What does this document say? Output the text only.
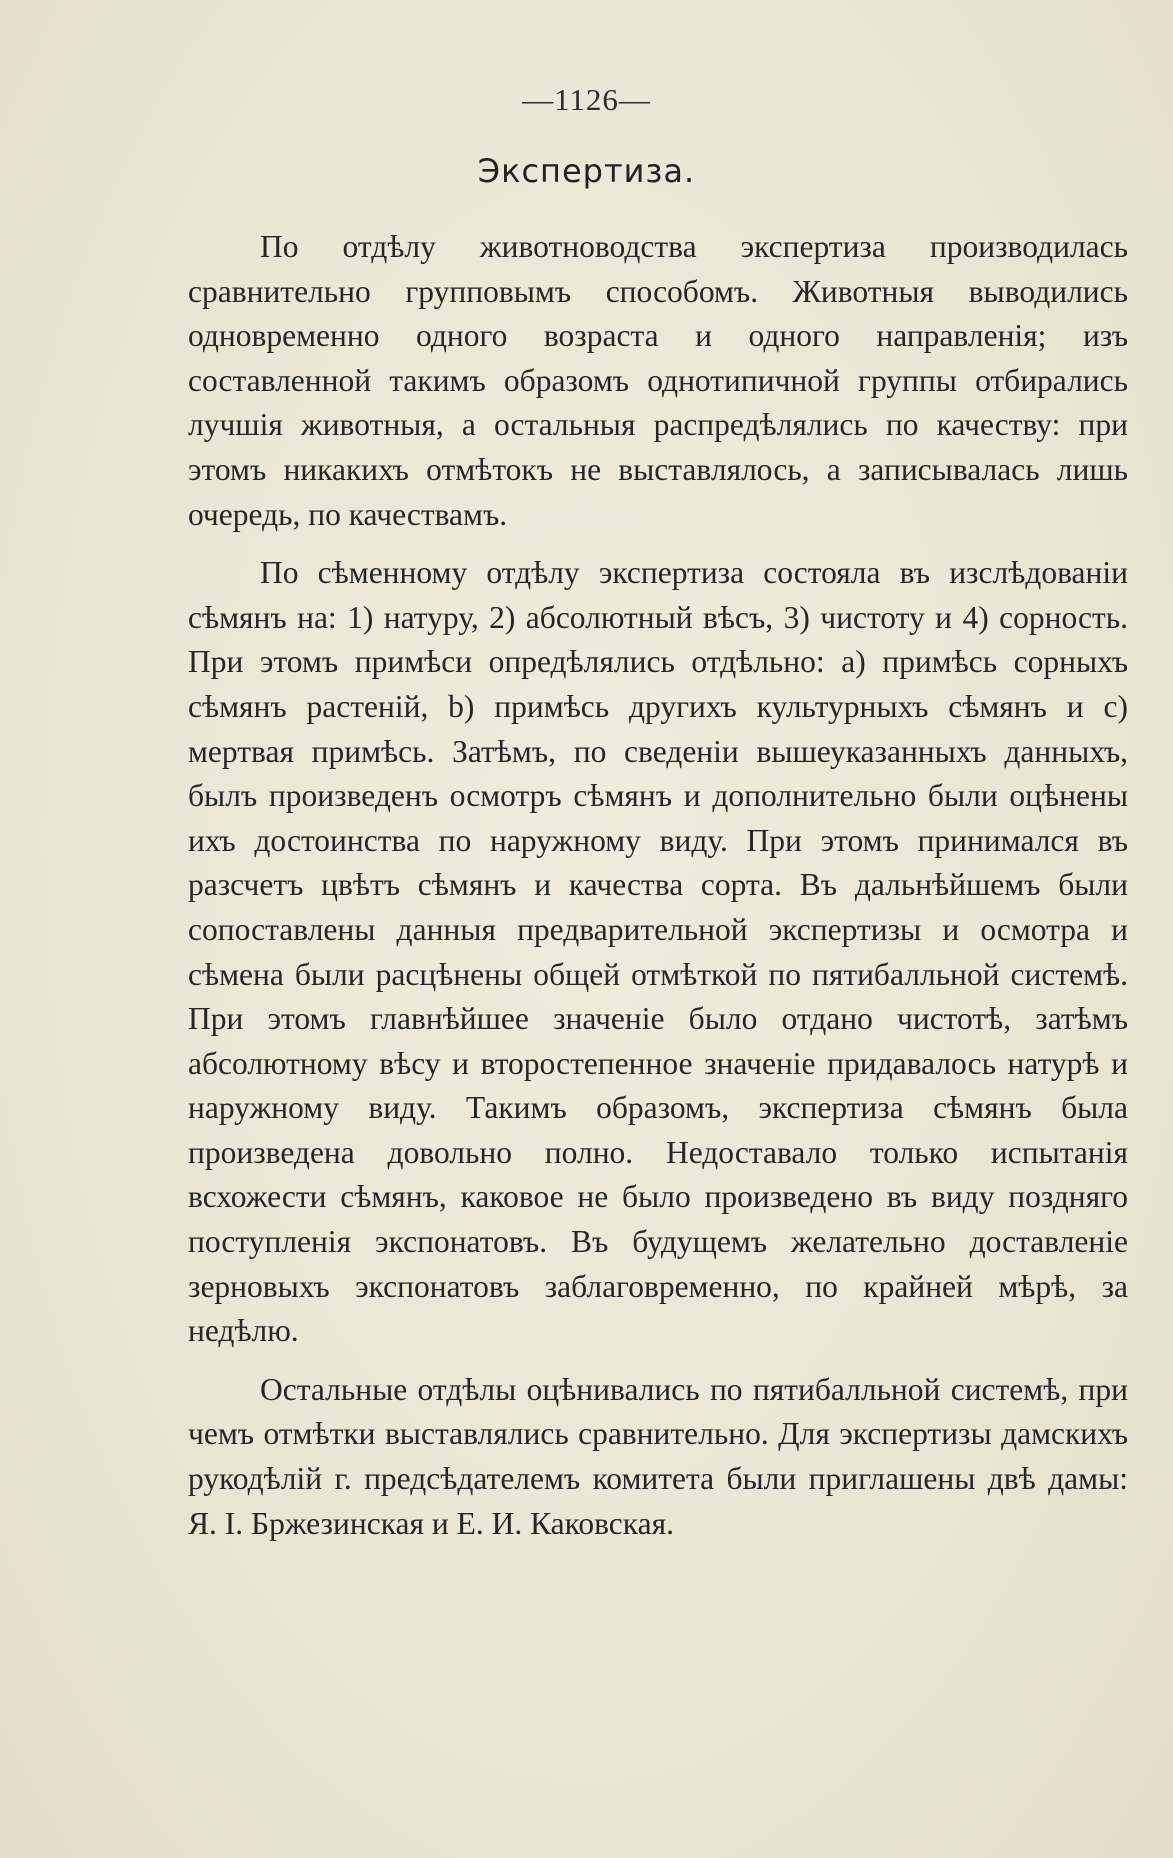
—1126—
Экспертиза.

По отдѣлу животноводства экспертиза производилась сравнительно групповымъ способомъ. Животныя выводились одновременно одного возраста и одного направленія; изъ составленной такимъ образомъ однотипичной группы отбирались лучшія животныя, а остальныя распредѣлялись по качеству: при этомъ никакихъ отмѣтокъ не выставлялось, а записывалась лишь очередь, по качествамъ.

По сѣменному отдѣлу экспертиза состояла въ изслѣдованіи сѣмянъ на: 1) натуру, 2) абсолютный вѣсъ, 3) чистоту и 4) сорность. При этомъ примѣси опредѣлялись отдѣльно: а) примѣсь сорныхъ сѣмянъ растеній, b) примѣсь другихъ культурныхъ сѣмянъ и с) мертвая примѣсь. Затѣмъ, по сведеніи вышеуказанныхъ данныхъ, былъ произведенъ осмотръ сѣмянъ и дополнительно были оцѣнены ихъ достоинства по наружному виду. При этомъ принимался въ разсчетъ цвѣтъ сѣмянъ и качества сорта. Въ дальнѣйшемъ были сопоставлены данныя предварительной экспертизы и осмотра и сѣмена были расцѣнены общей отмѣткой по пятибалльной системѣ. При этомъ главнѣйшее значеніе было отдано чистотѣ, затѣмъ абсолютному вѣсу и второстепенное значеніе придавалось натурѣ и наружному виду. Такимъ образомъ, экспертиза сѣмянъ была произведена довольно полно. Недоставало только испытанія всхожести сѣмянъ, каковое не было произведено въ виду поздняго поступленія экспонатовъ. Въ будущемъ желательно доставленіе зерновыхъ экспонатовъ заблаговременно, по крайней мѣрѣ, за недѣлю.

Остальные отдѣлы оцѣнивались по пятибалльной системѣ, при чемъ отмѣтки выставлялись сравнительно. Для экспертизы дамскихъ рукодѣлій г. предсѣдателемъ комитета были приглашены двѣ дамы: Я. І. Бржезинская и Е. И. Каковская.
